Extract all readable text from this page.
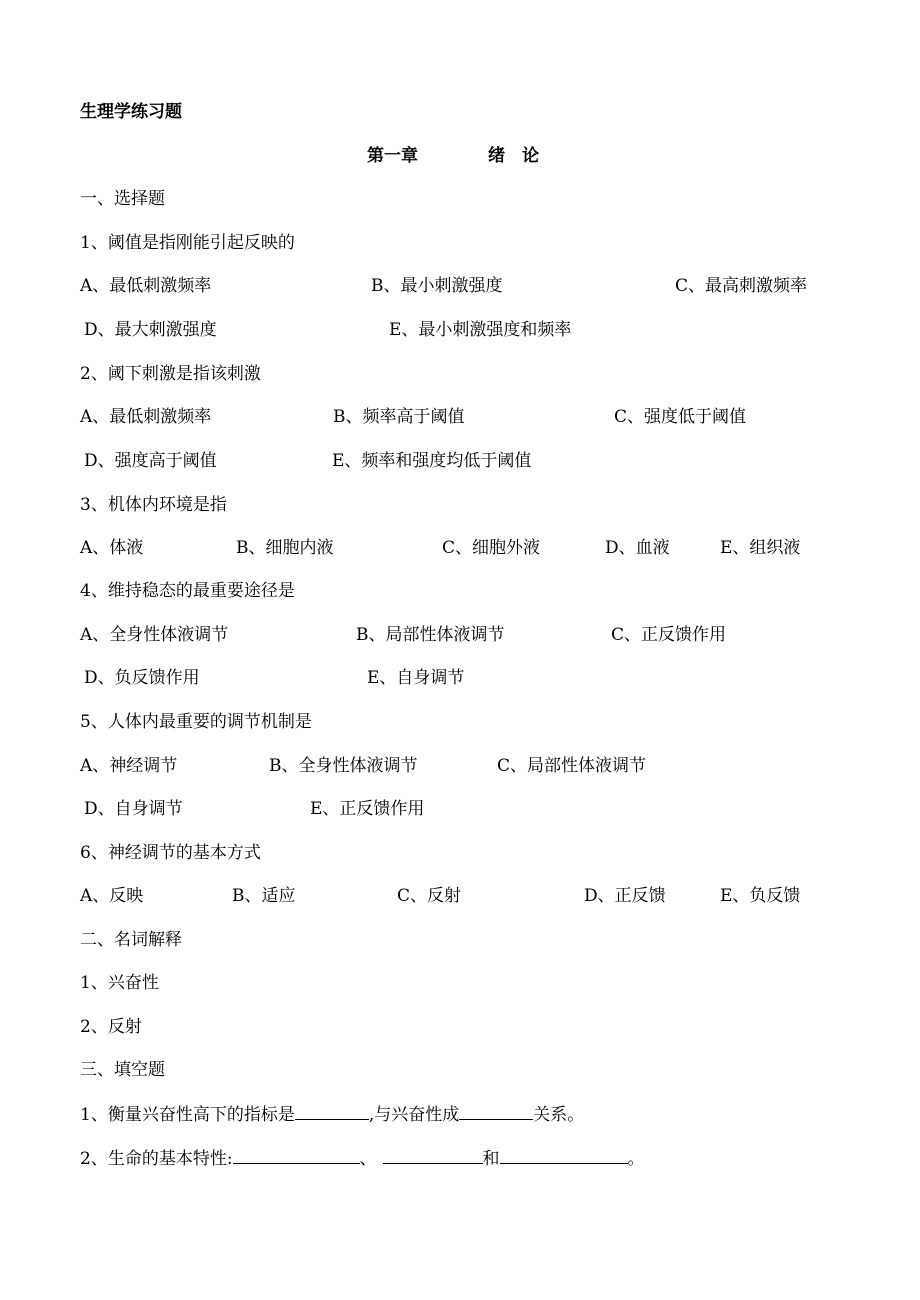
生理学练习题
第一章	绪　论
一、选择题
1、阈值是指刚能引起反映的
A、最低刺激频率	B、最小刺激强度	C、最高刺激频率
D、最大刺激强度	E、最小刺激强度和频率
2、阈下刺激是指该刺激
A、最低刺激频率	B、频率高于阈值	C、强度低于阈值
D、强度高于阈值	E、频率和强度均低于阈值
3、机体内环境是指
A、体液	B、细胞内液	C、细胞外液	D、血液	E、组织液
4、维持稳态的最重要途径是
A、全身性体液调节	B、局部性体液调节	C、正反馈作用
D、负反馈作用	E、自身调节
5、人体内最重要的调节机制是
A、神经调节	B、全身性体液调节	C、局部性体液调节
D、自身调节	E、正反馈作用
6、神经调节的基本方式
A、反映	B、适应	C、反射	D、正反馈	E、负反馈
二、名词解释
1、兴奋性
2、反射
三、填空题
1、衡量兴奋性高下的指标是	,与兴奋性成	关系。
2、生命的基本特性:	、	和	。
